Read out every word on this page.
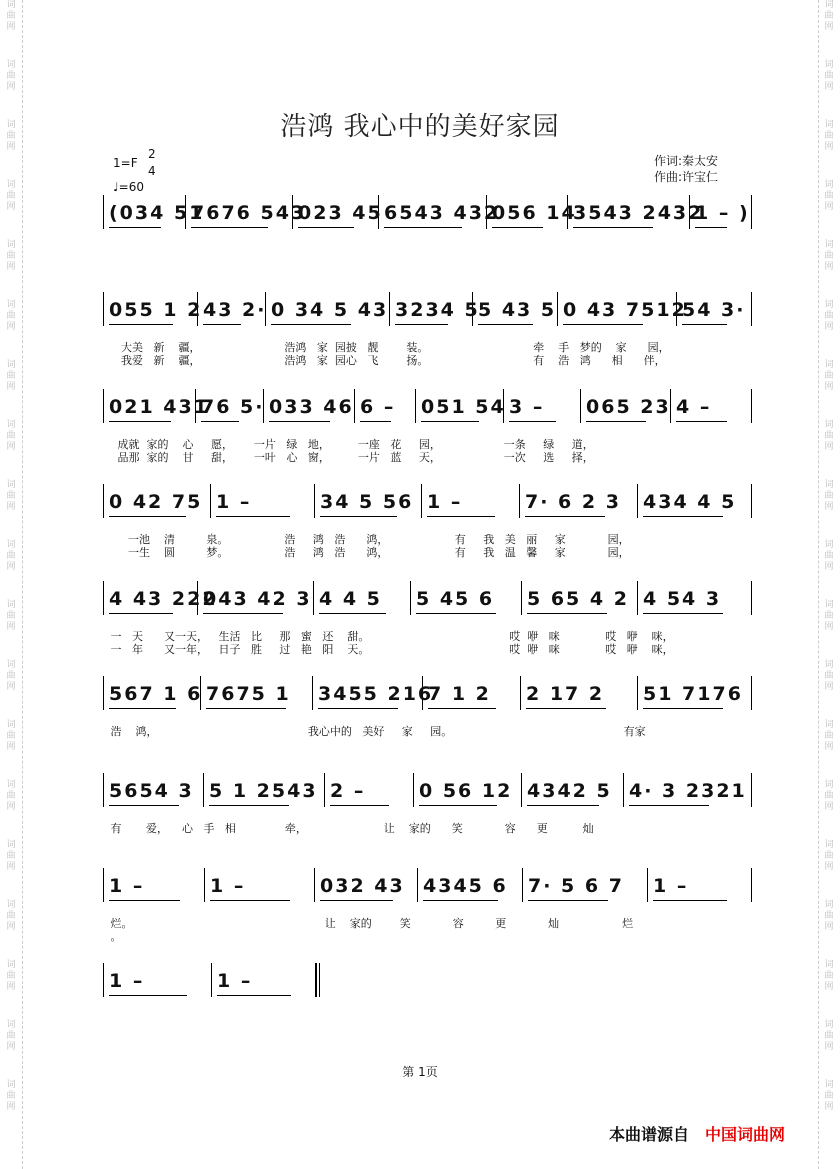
词
曲
网
词
曲
网
词
曲
网
词
曲
网
词
曲
网
词
曲
网
词
曲
网
词
曲
网
词
曲
网
词
曲
网
词
曲
网
词
曲
网
词
曲
网
词
曲
网
词
曲
网
词
曲
网
词
曲
网
词
曲
网
词
曲
网
词
曲
网
词
曲
网
词
曲
网
词
曲
网
词
曲
网
词
曲
网
词
曲
网
词
曲
网
词
曲
网
词
曲
网
词
曲
网
词
曲
网
词
曲
网
词
曲
网
词
曲
网
词
曲
网
词
曲
网
词
曲
网
词
曲
网
浩鸿 我心中的美好家园
1=F
2
4
♩=60
作词:秦太安
作曲:许宝仁
(034 51
7676 543
023 45 6543 432
056 14
3543 2432
1 – )
055 1 2 43 2· 0 34 5 43 3234 5
5 43 5 0 43 7512
54 3·
大美   新    疆，                        浩鸿   家  园披   靓        装。                              牵    手   梦的    家      园，
我爱   新    疆，                        浩鸿   家  园心   飞        扬。                              有    浩   鸿      相      伴，
021 431
76 5· 033 46 6 – 051 54 3 – 065 23 4 –
成就  家的    心     愿，      一片   绿   地，        一座   花     园，                  一条     绿     道，
品那  家的    甘     甜，      一叶   心   窗，        一片   蓝     天，                  一次     选     择，
0 42 75 1 –	34 5 56 1 –	7· 6 2 3 434 4 5
一池    清         泉。                浩     鸿   浩      鸿，                   有     我   美   丽     家            园，
一生    圆         梦。                浩     鸿   浩      鸿，                   有     我   温   馨     家            园，
4 43 222
043 42 3 4 4 5 5 45 6 5 65 4 2 4 54 3
一   天      又一天，   生活   比     那   蜜   还    甜。                                        哎  咿   咪             哎   咿    咪，
一   年      又一年，   日子   胜     过   艳   阳    天。                                        哎  咿   咪             哎   咿    咪，
567 1 6 7675 1 3455 216
7 1 2 2 17 2 51 7176
浩    鸿，                                           我心中的   美好     家     园。                                                 有家
5654 3 5 1 2543 2 –	0 56 12 4342 5 4· 3 2321
有       爱，    心   手   相              牵，                      让    家的      笑            容      更          灿
1 –	1 –	032 43 4345 6 7· 5 6 7 1 –
烂。                                                       让    家的        笑            容         更            灿                  烂
。
1 –	1 –
第 1页
本曲谱源自 中国词曲网
